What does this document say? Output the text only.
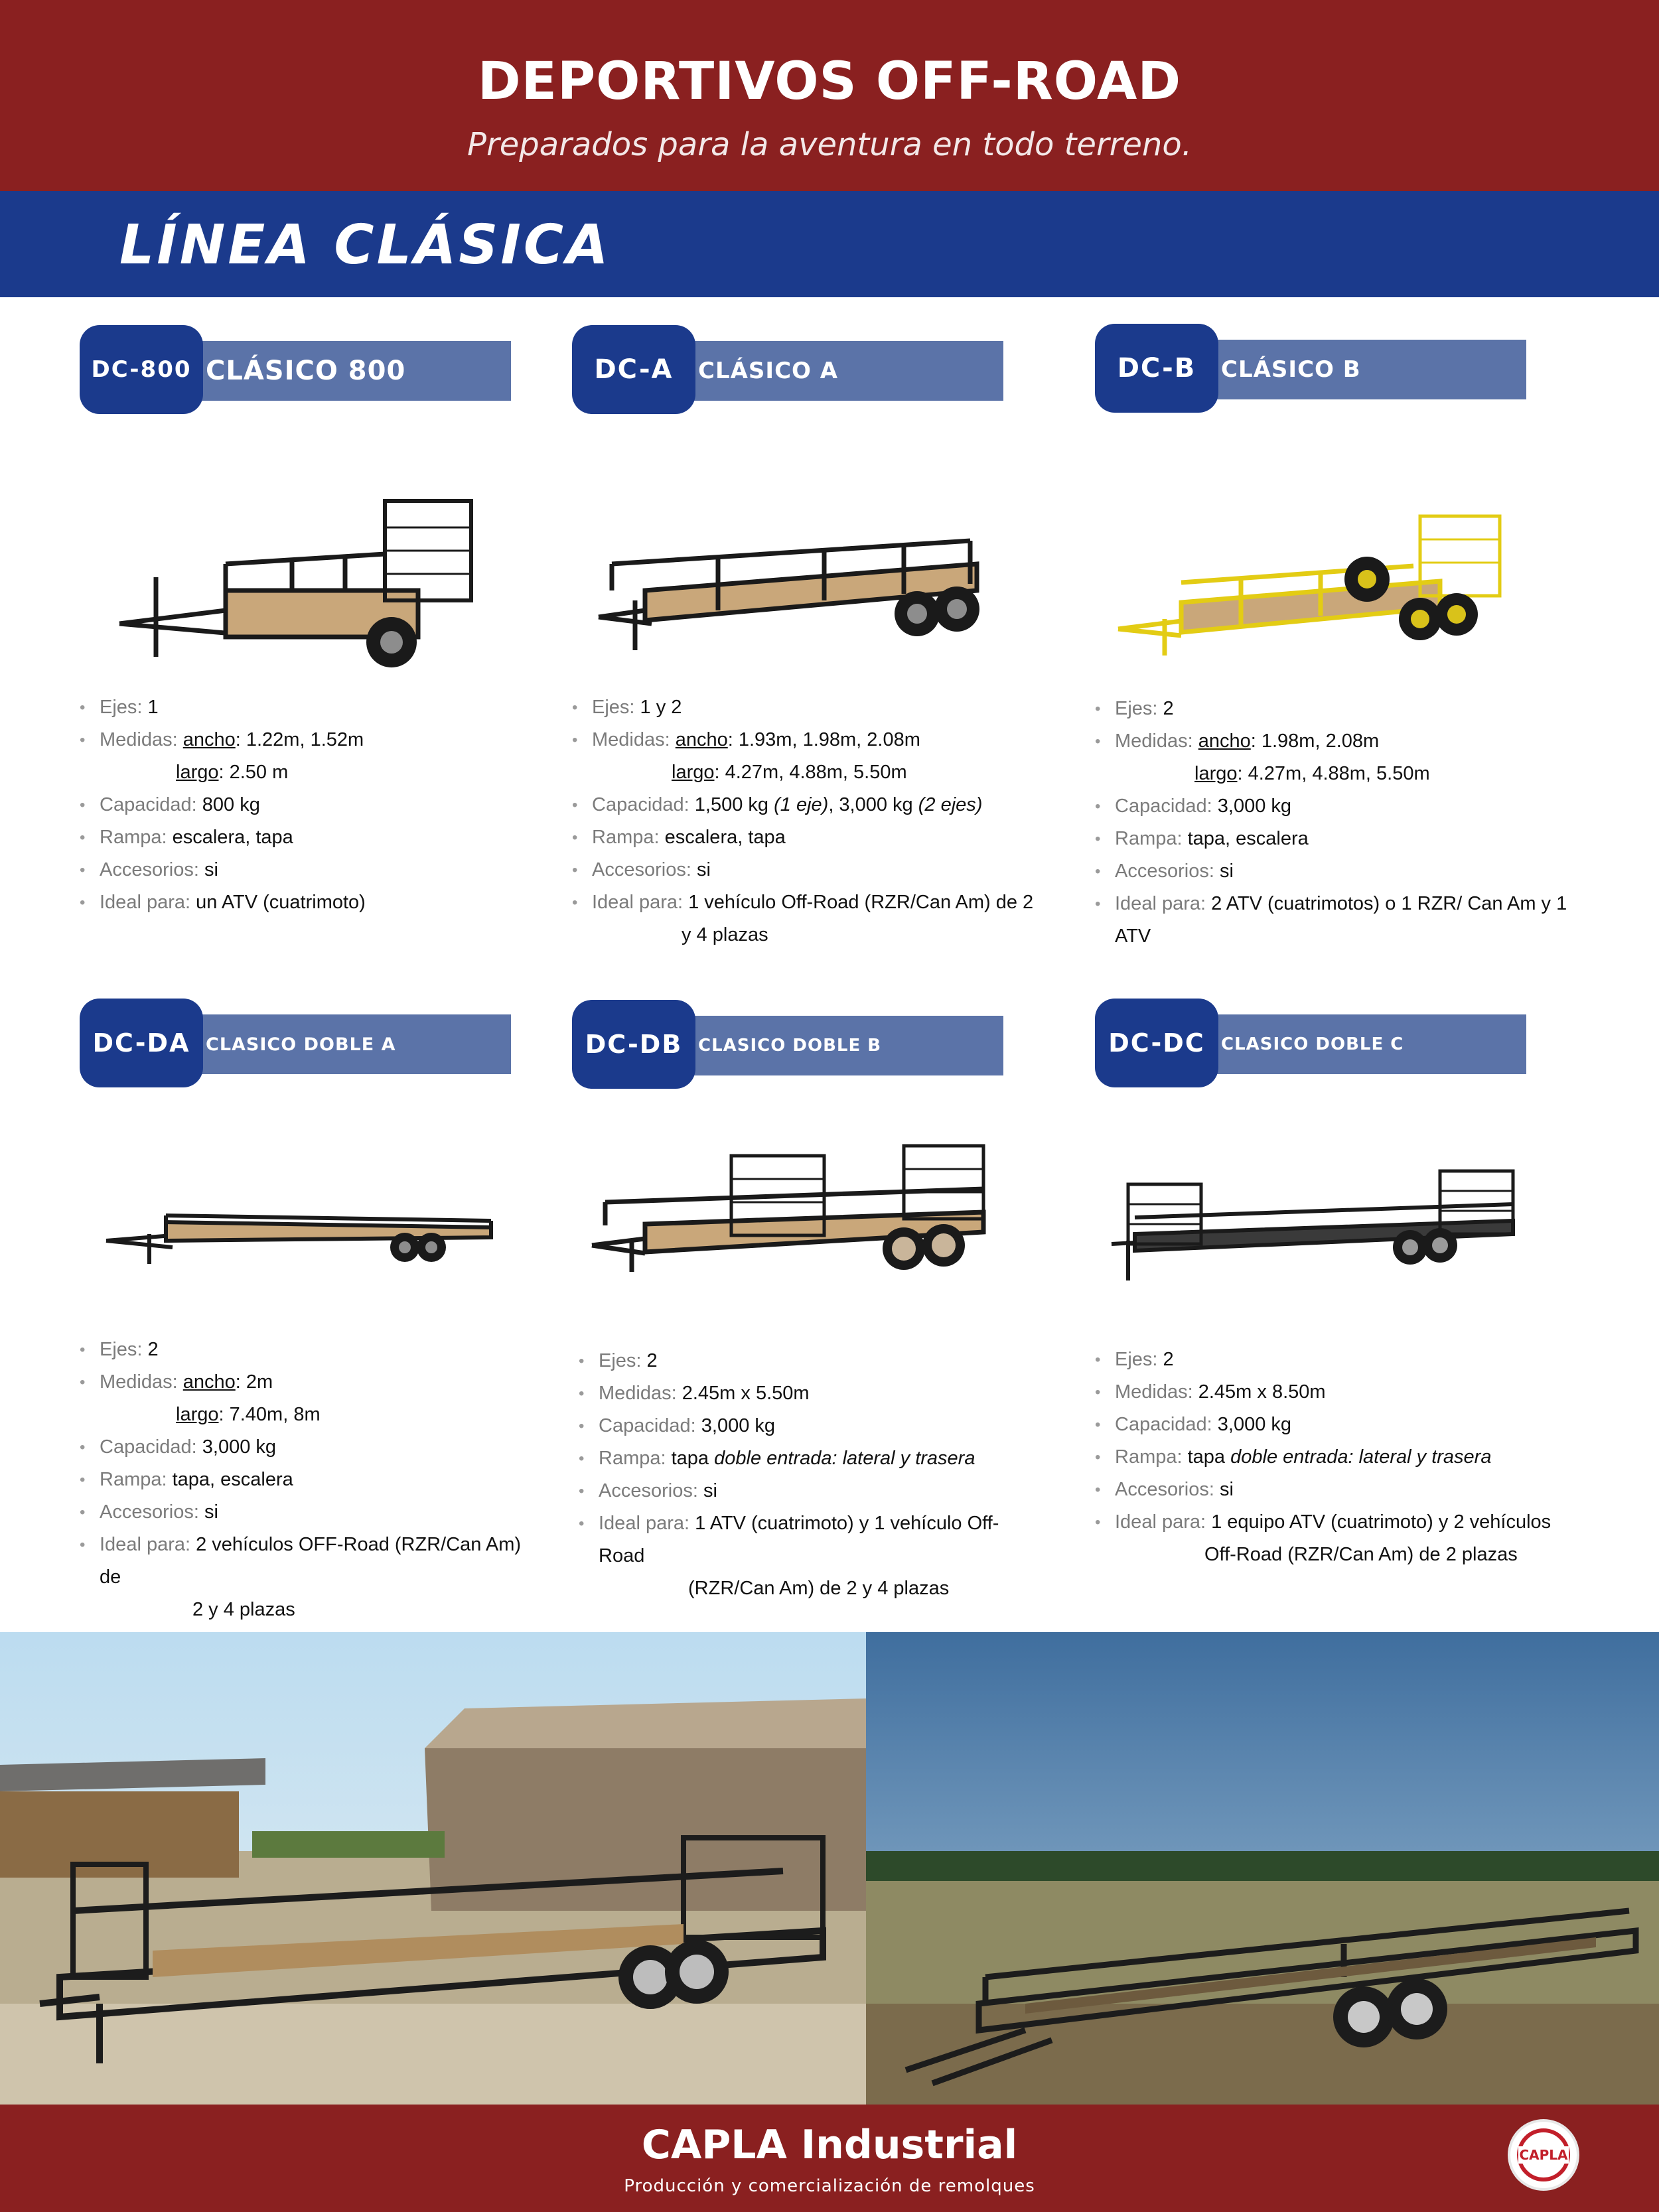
DEPORTIVOS OFF-ROAD
Preparados para la aventura en todo terreno.
LÍNEA CLÁSICA
CLÁSICO 800
DC-800
• Ejes: 1
• Medidas: ancho: 1.22m, 1.52m
largo: 2.50 m
• Capacidad: 800 kg
• Rampa: escalera, tapa
• Accesorios: si
• Ideal para: un ATV (cuatrimoto)
CLÁSICO A
DC-A
• Ejes: 1 y 2
• Medidas: ancho: 1.93m, 1.98m, 2.08m
largo: 4.27m, 4.88m, 5.50m
• Capacidad: 1,500 kg (1 eje), 3,000 kg (2 ejes)
• Rampa: escalera, tapa
• Accesorios: si
• Ideal para: 1 vehículo Off-Road (RZR/Can Am) de 2
y 4 plazas
CLÁSICO B
DC-B
• Ejes: 2
• Medidas: ancho: 1.98m, 2.08m
largo: 4.27m, 4.88m, 5.50m
• Capacidad: 3,000 kg
• Rampa: tapa, escalera
• Accesorios: si
• Ideal para: 2 ATV (cuatrimotos) o 1 RZR/ Can Am y 1 ATV
CLASICO DOBLE A
DC-DA
• Ejes: 2
• Medidas: ancho: 2m
largo: 7.40m, 8m
• Capacidad: 3,000 kg
• Rampa: tapa, escalera
• Accesorios: si
• Ideal para: 2 vehículos OFF-Road (RZR/Can Am) de
2 y 4 plazas
CLASICO DOBLE B
DC-DB
• Ejes: 2
• Medidas: 2.45m x 5.50m
• Capacidad: 3,000 kg
• Rampa: tapa doble entrada: lateral y trasera
• Accesorios: si
• Ideal para: 1 ATV (cuatrimoto) y 1 vehículo Off-Road
(RZR/Can Am) de 2 y 4 plazas
CLASICO DOBLE C
DC-DC
• Ejes: 2
• Medidas: 2.45m x 8.50m
• Capacidad: 3,000 kg
• Rampa: tapa doble entrada: lateral y trasera
• Accesorios: si
• Ideal para: 1 equipo ATV (cuatrimoto) y 2 vehículos
Off-Road (RZR/Can Am) de 2 plazas
CAPLA Industrial
Producción y comercialización de remolques
CAPLA
